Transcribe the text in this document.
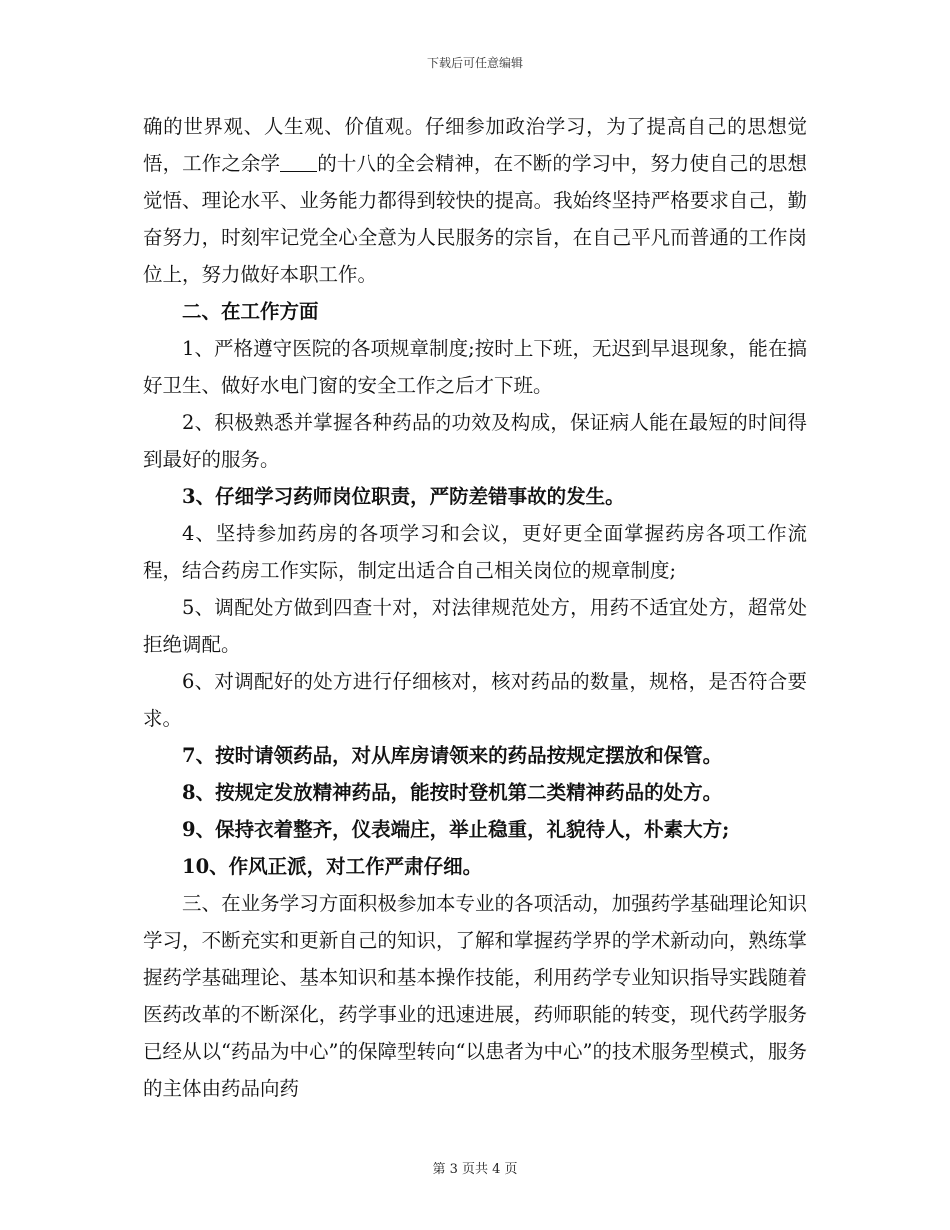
下载后可任意编辑

确的世界观、人生观、价值观。仔细参加政治学习，为了提高自己的思想觉悟，工作之余学 的十八的全会精神，在不断的学习中，努力使自己的思想觉悟、理论水平、业务能力都得到较快的提高。我始终坚持严格要求自己，勤奋努力，时刻牢记党全心全意为人民服务的宗旨，在自己平凡而普通的工作岗位上，努力做好本职工作。

二、在工作方面

1、严格遵守医院的各项规章制度;按时上下班，无迟到早退现象，能在搞好卫生、做好水电门窗的安全工作之后才下班。

2、积极熟悉并掌握各种药品的功效及构成，保证病人能在最短的时间得到最好的服务。

3、仔细学习药师岗位职责，严防差错事故的发生。

4、坚持参加药房的各项学习和会议，更好更全面掌握药房各项工作流程，结合药房工作实际，制定出适合自己相关岗位的规章制度;

5、调配处方做到四查十对，对法律规范处方，用药不适宜处方，超常处拒绝调配。

6、对调配好的处方进行仔细核对，核对药品的数量，规格，是否符合要求。

7、按时请领药品，对从库房请领来的药品按规定摆放和保管。

8、按规定发放精神药品，能按时登机第二类精神药品的处方。

9、保持衣着整齐，仪表端庄，举止稳重，礼貌待人，朴素大方;

10、作风正派，对工作严肃仔细。

三、在业务学习方面积极参加本专业的各项活动，加强药学基础理论知识学习，不断充实和更新自己的知识，了解和掌握药学界的学术新动向，熟练掌握药学基础理论、基本知识和基本操作技能，利用药学专业知识指导实践随着医药改革的不断深化，药学事业的迅速进展，药师职能的转变，现代药学服务已经从以“药品为中心”的保障型转向“以患者为中心”的技术服务型模式，服务的主体由药品向药

第 3 页共 4 页
